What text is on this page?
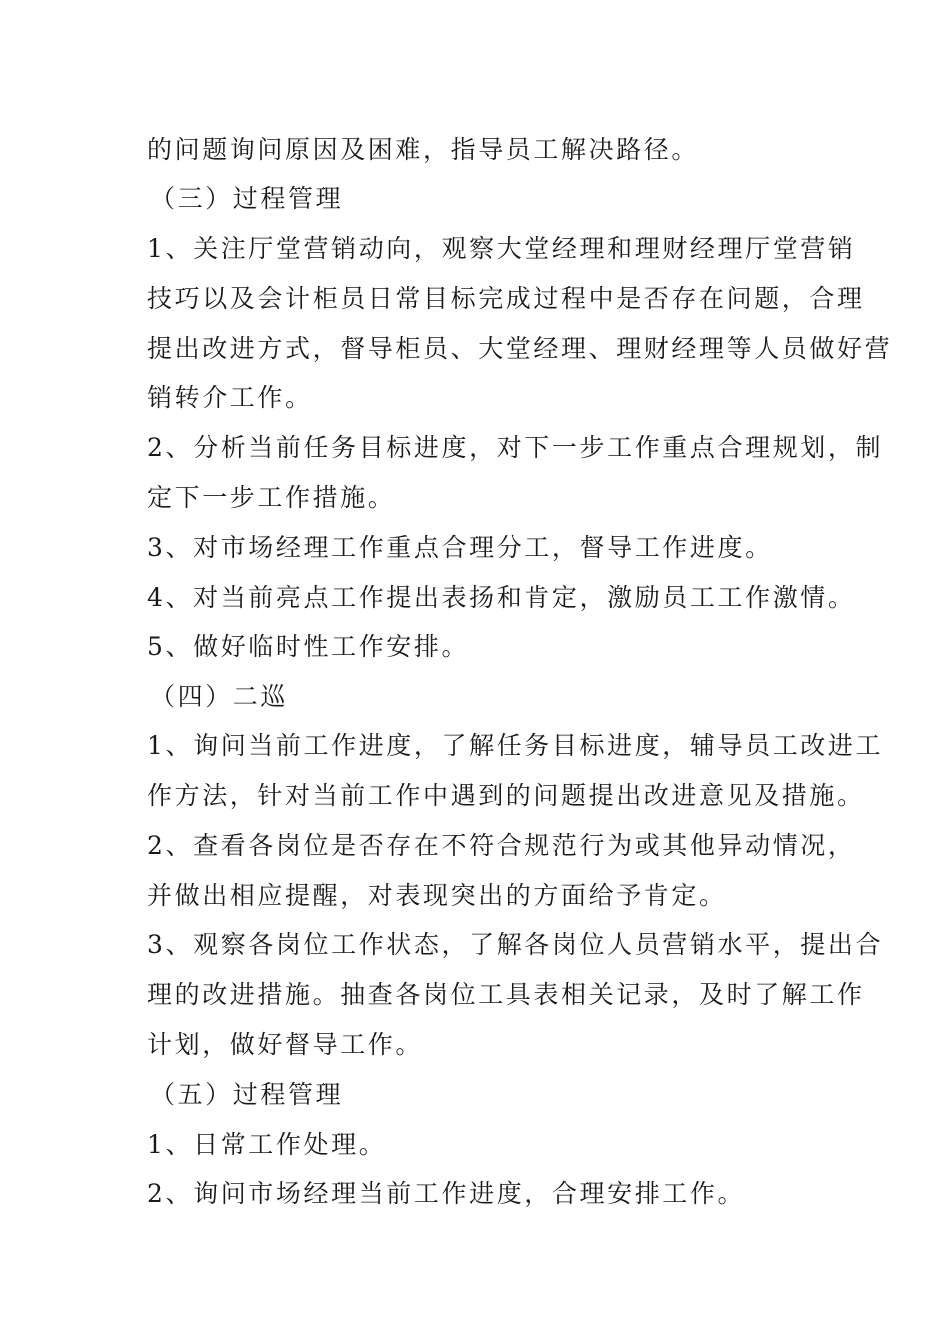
的问题询问原因及困难，指导员工解决路径。
（三）过程管理
1、关注厅堂营销动向，观察大堂经理和理财经理厅堂营销
技巧以及会计柜员日常目标完成过程中是否存在问题，合理
提出改进方式，督导柜员、大堂经理、理财经理等人员做好营
销转介工作。
2、分析当前任务目标进度，对下一步工作重点合理规划，制
定下一步工作措施。
3、对市场经理工作重点合理分工，督导工作进度。
4、对当前亮点工作提出表扬和肯定，激励员工工作激情。
5、做好临时性工作安排。
（四）二巡
1、询问当前工作进度，了解任务目标进度，辅导员工改进工
作方法，针对当前工作中遇到的问题提出改进意见及措施。
2、查看各岗位是否存在不符合规范行为或其他异动情况，
并做出相应提醒，对表现突出的方面给予肯定。
3、观察各岗位工作状态，了解各岗位人员营销水平，提出合
理的改进措施。抽查各岗位工具表相关记录，及时了解工作
计划，做好督导工作。
（五）过程管理
1、日常工作处理。
2、询问市场经理当前工作进度，合理安排工作。
